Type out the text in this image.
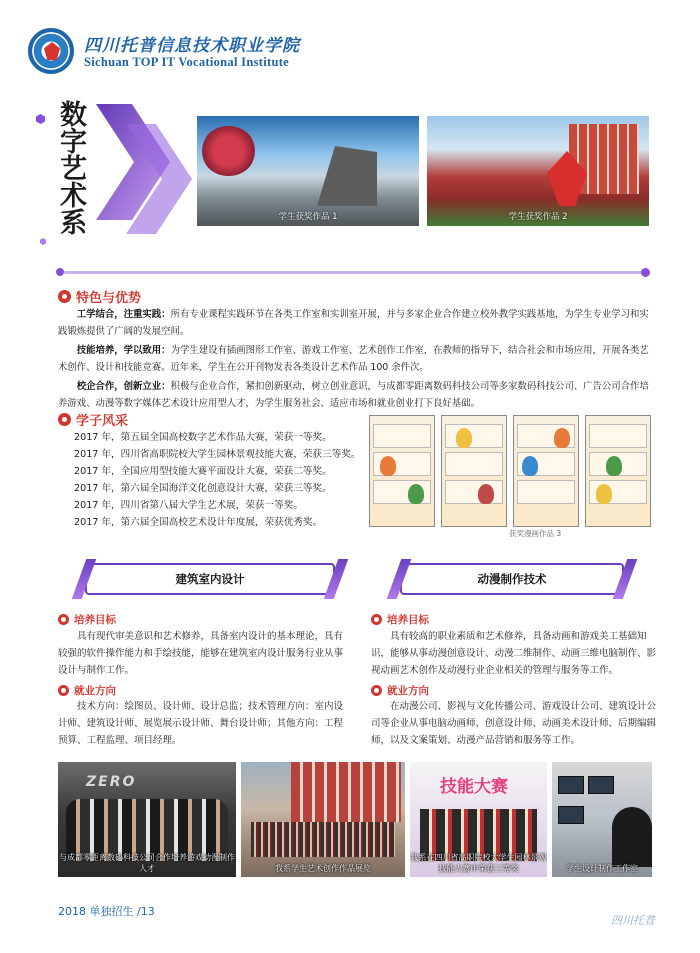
四川托普信息技术职业学院
Sichuan TOP IT Vocational Institute
数字艺术系	学生获奖作品 1	学生获奖作品 2
特色与优势

工学结合，注重实践：所有专业课程实践环节在各类工作室和实训室开展，并与多家企业合作建立校外教学实践基地，为学生专业学习和实践锻炼提供了广阔的发展空间。

技能培养，学以致用：为学生建设有插画图形工作室、游戏工作室、艺术创作工作室，在教师的指导下，结合社会和市场应用，开展各类艺术创作、设计和技能竞赛。近年来，学生在公开刊物发表各类设计艺术作品 100 余件次。

校企合作，创新立业：积极与企业合作，紧扣创新驱动，树立创业意识，与成都零距离数码科技公司等多家数码科技公司、广告公司合作培养游戏、动漫等数字媒体艺术设计应用型人才，为学生服务社会、适应市场和就业创业打下良好基础。

学子风采
2017 年，第五届全国高校数字艺术作品大赛，荣获一等奖。
2017 年，四川省高职院校大学生园林景观技能大赛，荣获三等奖。
2017 年，全国应用型技能大赛平面设计大赛，荣获二等奖。
2017 年，第六届全国海洋文化创意设计大赛，荣获三等奖。
2017 年，四川省第八届大学生艺术展，荣获一等奖。
2017 年，第六届全国高校艺术设计年度展，荣获优秀奖。
获奖漫画作品 3
建筑室内设计	动漫制作技术
培养目标
具有现代审美意识和艺术修养，具备室内设计的基本理论，具有较强的软件操作能力和手绘技能，能够在建筑室内设计服务行业从事设计与制作工作。
就业方向
技术方向：绘图员、设计师、设计总监；技术管理方向：室内设计师、建筑设计师、展览展示设计师、舞台设计师；其他方向：工程预算、工程监理、项目经理。
培养目标
具有较高的职业素质和艺术修养，具备动画和游戏美工基础知识，能够从事动漫创意设计、动漫二维制作、动画三维电脑制作、影视动画艺术创作及动漫行业企业相关的管理与服务等工作。
就业方向
在动漫公司、影视与文化传播公司、游戏设计公司、建筑设计公司等企业从事电脑动画师、创意设计师、动画美术设计师、后期编辑师，以及文案策划、动漫产品营销和服务等工作。
ZERO
与成都零距离数码科技公司合作培养游戏动漫制作人才	我系学生艺术创作作品展览
技能大赛
我系在四川省高职院校大学生园林景观技能大赛中荣获三等奖	学生设计制作工作室
2018 单独招生 /13
四川托普
